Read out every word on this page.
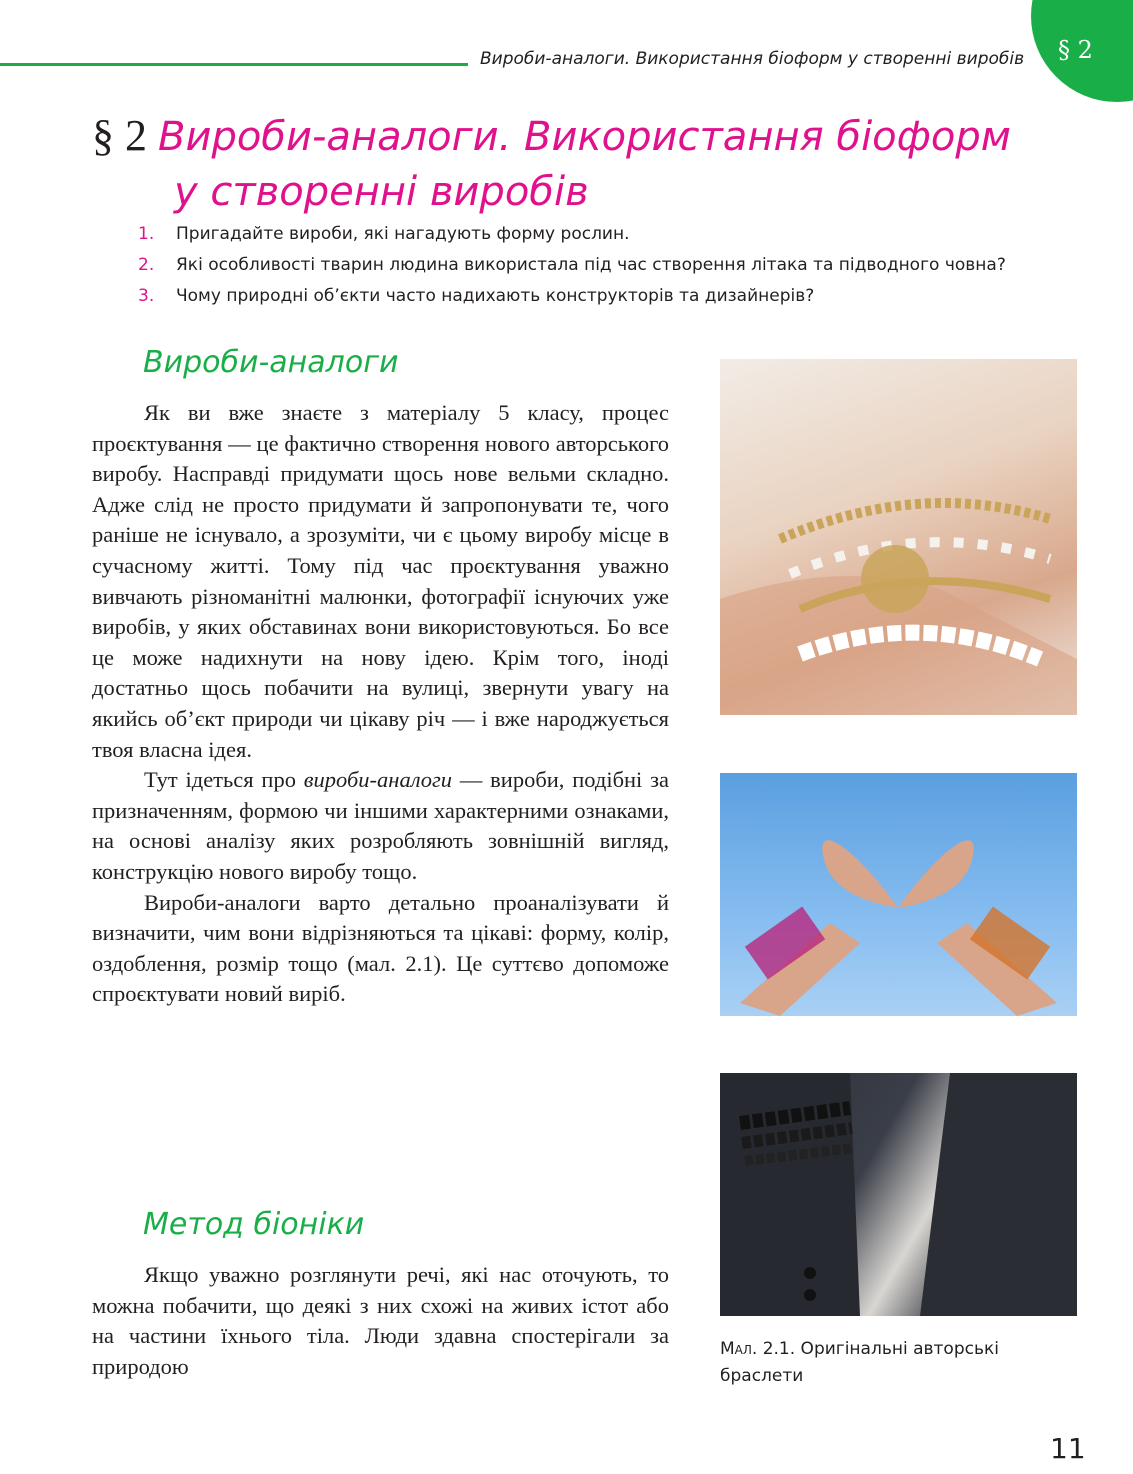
Вироби-аналоги. Використання біоформ у створенні виробів § 2
§ 2 Вироби-аналоги. Використання біоформ
у створенні виробів
1. Пригадайте вироби, які нагадують форму рослин.
2. Які особливості тварин людина використала під час створення літака та підводного човна?
3. Чому природні об’єкти часто надихають конструкторів та дизайнерів?
Вироби-аналоги

Як ви вже знаєте з матеріалу 5 класу, процес проєктування — це фактично створення нового авторського виробу. Насправді придумати щось нове вельми складно. Адже слід не просто придумати й запропонувати те, чого раніше не існувало, а зрозуміти, чи є цьому виробу місце в сучасному житті. Тому під час проєктування уважно вивчають різноманітні малюнки, фотографії існуючих уже виробів, у яких обставинах вони використовуються. Бо все це може надихнути на нову ідею. Крім того, іноді достатньо щось побачити на вулиці, звернути увагу на якийсь об’єкт природи чи цікаву річ — і вже народжується твоя власна ідея.

Тут ідеться про вироби-аналоги — вироби, подібні за призначенням, формою чи іншими характерними ознаками, на основі аналізу яких розробляють зовнішній вигляд, конструкцію нового виробу тощо.

Вироби-аналоги варто детально проаналізувати й визначити, чим вони відрізняються та цікаві: форму, колір, оздоблення, розмір тощо (мал. 2.1). Це суттєво допоможе спроєктувати новий виріб.

Метод біоніки

Якщо уважно розглянути речі, які нас оточують, то можна побачити, що деякі з них схожі на живих істот або на частини їхнього тіла. Люди здавна спостерігали за природою

Мал. 2.1. Оригінальні авторські браслети
11
